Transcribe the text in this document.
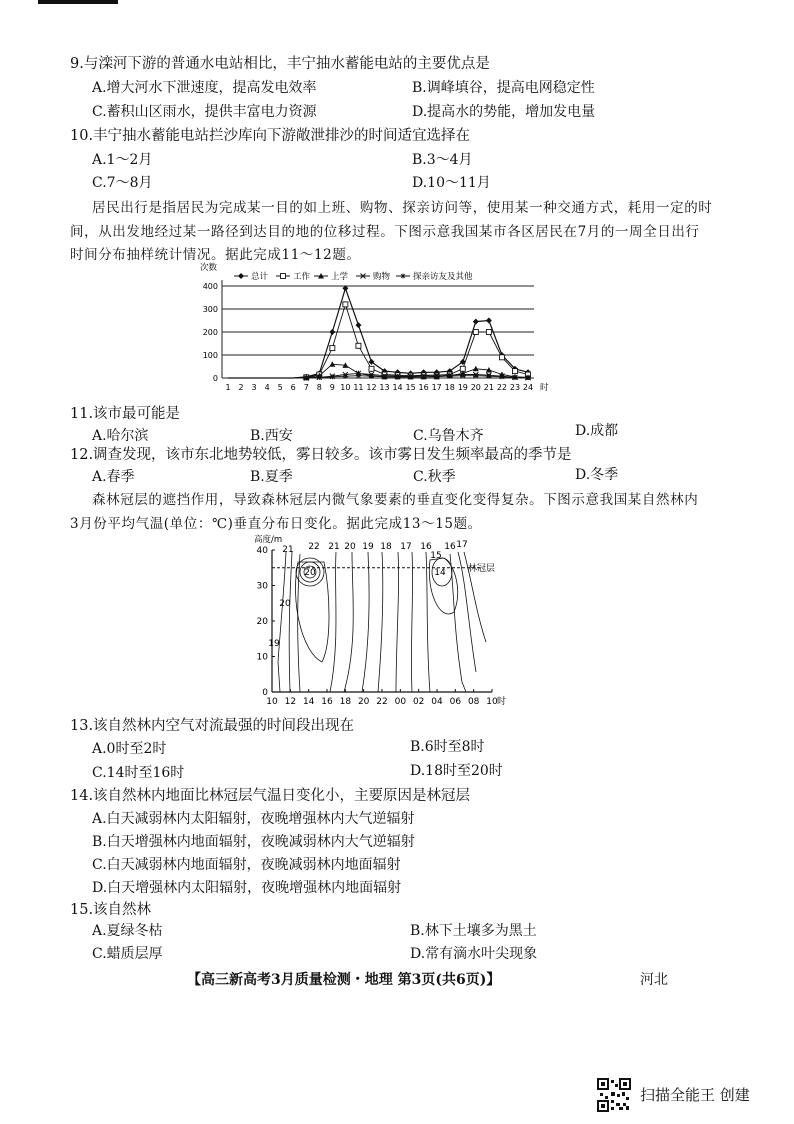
9.与滦河下游的普通水电站相比，丰宁抽水蓄能电站的主要优点是
A.增大河水下泄速度，提高发电效率	B.调峰填谷，提高电网稳定性
C.蓄积山区雨水，提供丰富电力资源	D.提高水的势能，增加发电量
10.丰宁抽水蓄能电站拦沙库向下游敞泄排沙的时间适宜选择在
A.1～2月	B.3～4月
C.7～8月	D.10～11月
居民出行是指居民为完成某一目的如上班、购物、探亲访问等，使用某一种交通方式，耗用一定的时
间，从出发地经过某一路径到达目的地的位移过程。下图示意我国某市各区居民在7月的一周全日出行
时间分布抽样统计情况。据此完成11～12题。
0
100
200
300
400
次数
1 2 3 4 5 6 7 8 9 10 11 12 13 14 15 16 17 18 19 20 21 22 23 24 时
总计	工作 上学	购物	探亲访友及其他
11.该市最可能是
A.哈尔滨	B.西安	C.乌鲁木齐	D.成都
12.调查发现，该市东北地势较低，雾日较多。该市雾日发生频率最高的季节是
A.春季	B.夏季	C.秋季	D.冬季
森林冠层的遮挡作用，导致森林冠层内微气象要素的垂直变化变得复杂。下图示意我国某自然林内
3月份平均气温(单位：℃)垂直分布日变化。据此完成13～15题。
高度/m
0
10
20
30
40
10 12 14 16 18 20 22 00 02 04 06 08 10 时
林冠层
21 22 21 20 19 18 17 16
15
16 17
20
20	14
19
13.该自然林内空气对流最强的时间段出现在
A.0时至2时	B.6时至8时
C.14时至16时	D.18时至20时
14.该自然林内地面比林冠层气温日变化小，主要原因是林冠层
A.白天减弱林内太阳辐射，夜晚增强林内大气逆辐射
B.白天增强林内地面辐射，夜晚减弱林内大气逆辐射
C.白天减弱林内地面辐射，夜晚减弱林内地面辐射
D.白天增强林内太阳辐射，夜晚增强林内地面辐射
15.该自然林
A.夏绿冬枯	B.林下土壤多为黑土
C.蜡质层厚	D.常有滴水叶尖现象
【高三新高考3月质量检测・地理 第3页(共6页)】	河北
扫描全能王 创建
